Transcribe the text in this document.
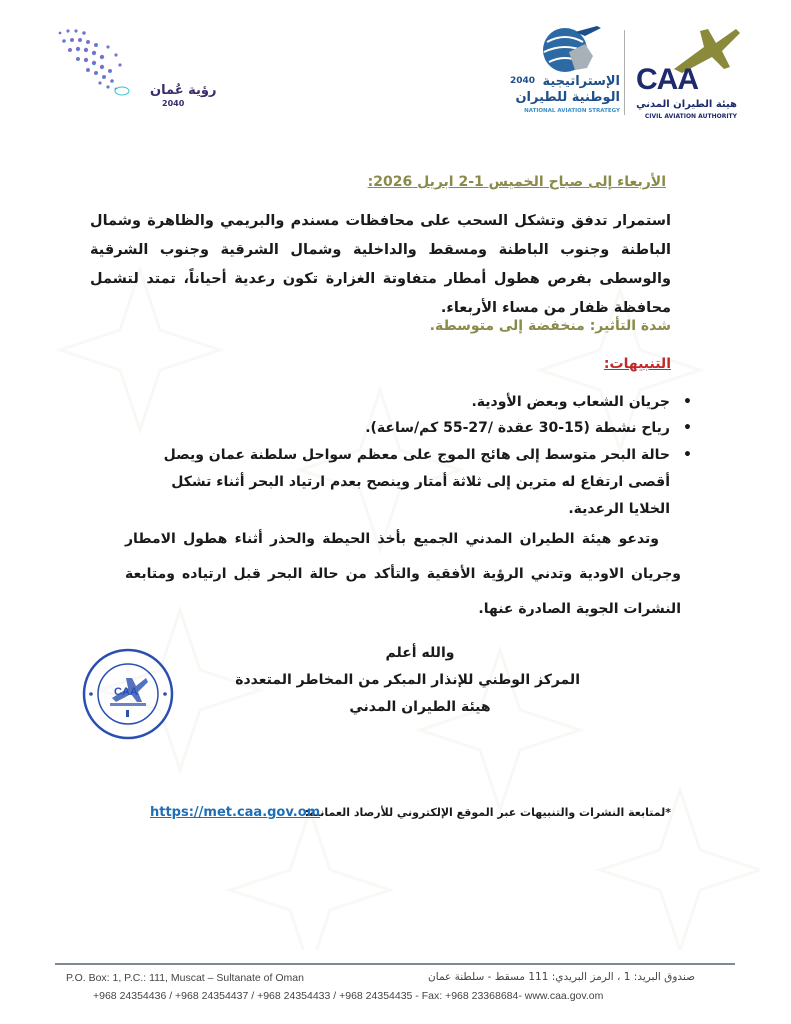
رؤية عُمان
2040
2040 الإستراتيجية
الوطنية للطيران
NATIONAL AVIATION STRATEGY
CAA
هيئة الطيران المدني
CIVIL AVIATION AUTHORITY
الأربعاء إلى صباح الخميس 1-2 ابريل 2026:
استمرار تدفق وتشكل السحب على محافظات مسندم والبريمي والظاهرة وشمال الباطنة وجنوب الباطنة ومسقط والداخلية وشمال الشرقية وجنوب الشرقية والوسطى بفرص هطول أمطار متفاوتة الغزارة تكون رعدية أحياناً، تمتد لتشمل محافظة ظفار من مساء الأربعاء.
شدة التأثير: منخفضة إلى متوسطة.
التنبيهات:
•
جريان الشعاب وبعض الأودية.
•
رياح نشطة (15-30 عقدة /27-55 كم/ساعة).
•
حالة البحر متوسط إلى هائج الموج على معظم سواحل سلطنة عمان ويصل أقصى ارتفاع له مترين إلى ثلاثة أمتار وينصح بعدم ارتياد البحر أثناء تشكل الخلايا الرعدية.
وتدعو هيئة الطيران المدني الجميع بأخذ الحيطة والحذر أثناء هطول الامطار وجريان الاودية وتدني الرؤية الأفقية والتأكد من حالة البحر قبل ارتياده ومتابعة النشرات الجوية الصادرة عنها.
والله أعلم
المركز الوطني للإنذار المبكر من المخاطر المتعددة
هيئة الطيران المدني
CAA
*لمتابعة النشرات والتنبيهات عبر الموقع الإلكتروني للأرصاد العمانية:
https://met.caa.gov.om
P.O. Box: 1, P.C.: 111, Muscat – Sultanate of Oman	صندوق البريد: 1 ، الرمز البريدي: 111 مسقط - سلطنة عمان
+968 24354436 / +968 24354437 / +968 24354433 / +968 24354435 - Fax: +968 23368684- www.caa.gov.om
